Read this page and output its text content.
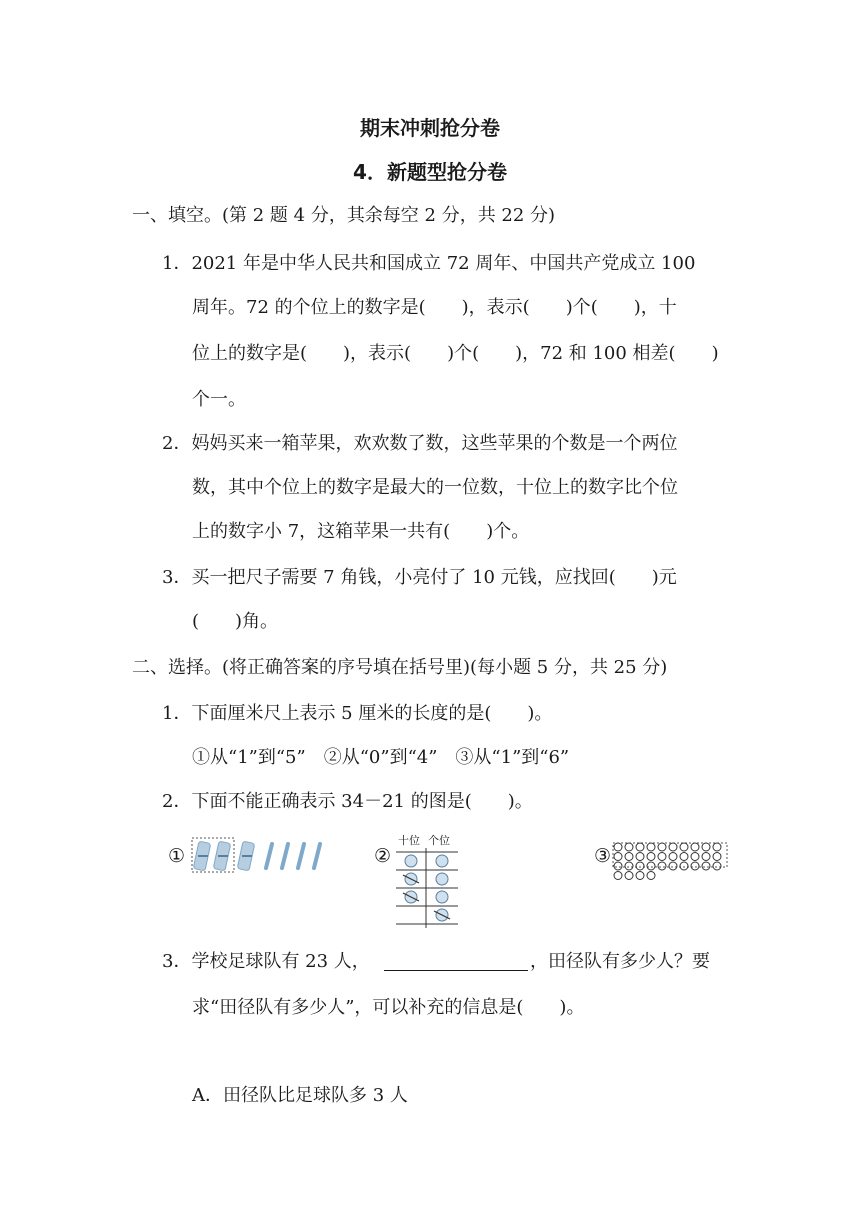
期末冲刺抢分卷
4．新题型抢分卷
一、填空。(第 2 题 4 分，其余每空 2 分，共 22 分)
1．2021 年是中华人民共和国成立 72 周年、中国共产党成立 100
周年。72 的个位上的数字是(　　)，表示(　　)个(　　)，十
位上的数字是(　　)，表示(　　)个(　　)，72 和 100 相差(　　)
个一。
2．妈妈买来一箱苹果，欢欢数了数，这些苹果的个数是一个两位
数，其中个位上的数字是最大的一位数，十位上的数字比个位
上的数字小 7，这箱苹果一共有(　　)个。
3．买一把尺子需要 7 角钱，小亮付了 10 元钱，应找回(　　)元
(　　)角。
二、选择。(将正确答案的序号填在括号里)(每小题 5 分，共 25 分)
1．下面厘米尺上表示 5 厘米的长度的是(　　)。
①从“1”到“5”　②从“0”到“4”　③从“1”到“6”
2．下面不能正确表示 34－21 的图是(　　)。
①	②
十位 个位
③
3．学校足球队有 23 人，	，田径队有多少人？要
求“田径队有多少人”，可以补充的信息是(　　)。
A．田径队比足球队多 3 人
